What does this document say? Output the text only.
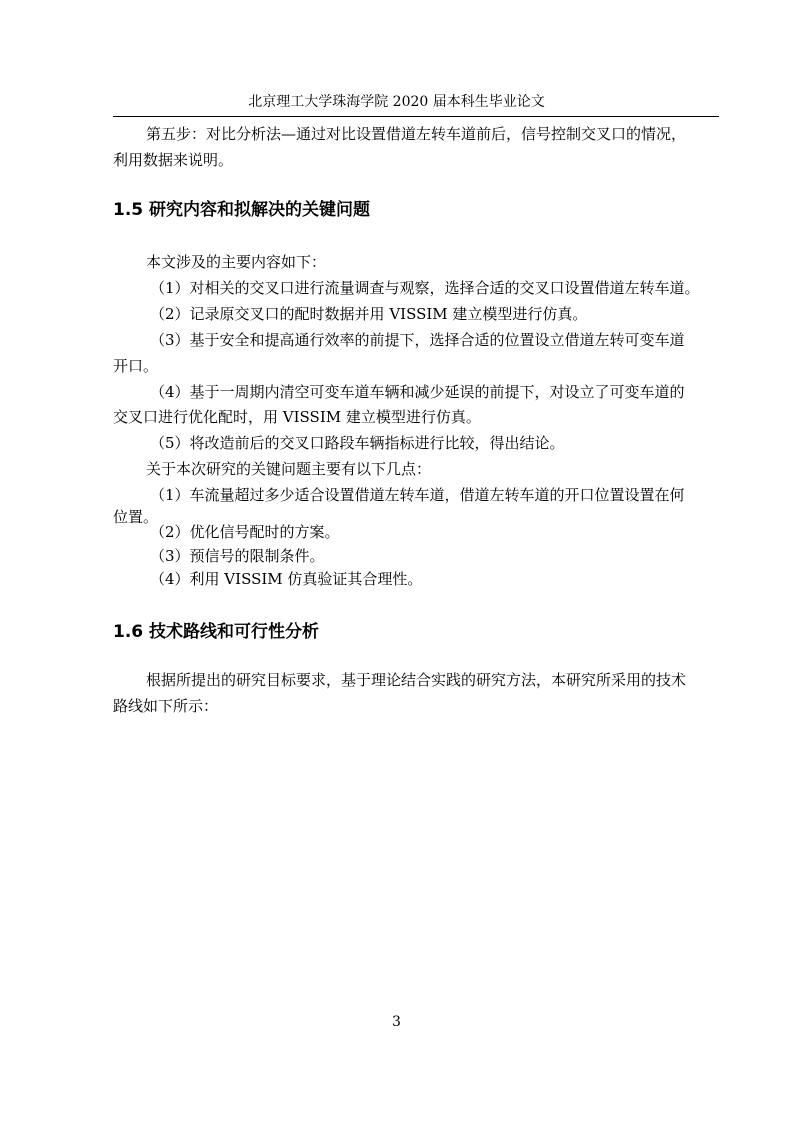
北京理工大学珠海学院 2020 届本科生毕业论文
第五步：对比分析法—通过对比设置借道左转车道前后，信号控制交叉口的情况，
利用数据来说明。
1.5 研究内容和拟解决的关键问题
本文涉及的主要内容如下：
（1）对相关的交叉口进行流量调查与观察，选择合适的交叉口设置借道左转车道。
（2）记录原交叉口的配时数据并用 VISSIM 建立模型进行仿真。
（3）基于安全和提高通行效率的前提下，选择合适的位置设立借道左转可变车道
开口。
（4）基于一周期内清空可变车道车辆和减少延误的前提下，对设立了可变车道的
交叉口进行优化配时，用 VISSIM 建立模型进行仿真。
（5）将改造前后的交叉口路段车辆指标进行比较，得出结论。
关于本次研究的关键问题主要有以下几点：
（1）车流量超过多少适合设置借道左转车道，借道左转车道的开口位置设置在何
位置。
（2）优化信号配时的方案。
（3）预信号的限制条件。
（4）利用 VISSIM 仿真验证其合理性。
1.6 技术路线和可行性分析
根据所提出的研究目标要求，基于理论结合实践的研究方法，本研究所采用的技术
路线如下所示：
3
